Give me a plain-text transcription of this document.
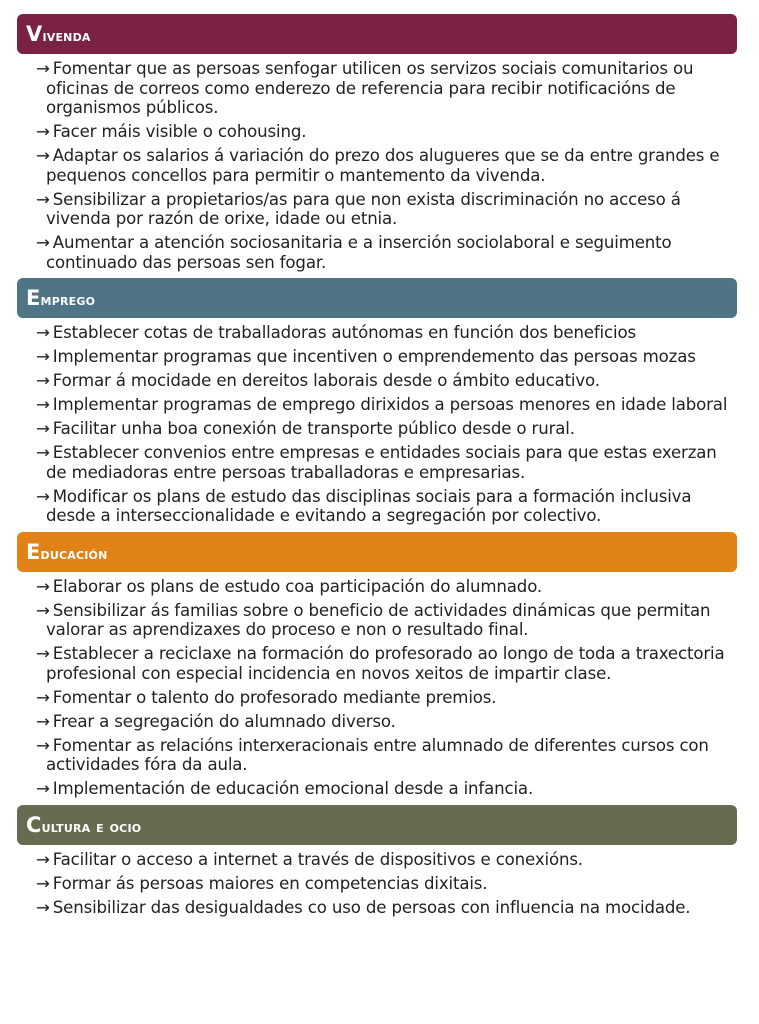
Vivenda
→ Fomentar que as persoas senfogar utilicen os servizos sociais comunitarios ou oficinas de correos como enderezo de referencia para recibir notificacións de organismos públicos.
→ Facer máis visible o cohousing.
→ Adaptar os salarios á variación do prezo dos alugueres que se da entre grandes e pequenos concellos para permitir o mantemento da vivenda.
→ Sensibilizar a propietarios/as para que non exista discriminación no acceso á vivenda por razón de orixe, idade ou etnia.
→ Aumentar a atención sociosanitaria e a inserción sociolaboral e seguimento continuado das persoas sen fogar.
Emprego
→ Establecer cotas de traballadoras autónomas en función dos beneficios
→ Implementar programas que incentiven o emprendemento das persoas mozas
→ Formar á mocidade en dereitos laborais desde o ámbito educativo.
→ Implementar programas de emprego dirixidos a persoas menores en idade laboral
→ Facilitar unha boa conexión de transporte público desde o rural.
→ Establecer convenios entre empresas e entidades sociais para que estas exerzan de mediadoras entre persoas traballadoras e empresarias.
→ Modificar os plans de estudo das disciplinas sociais para a formación inclusiva desde a interseccionalidade e evitando a segregación por colectivo.
Educación
→ Elaborar os plans de estudo coa participación do alumnado.
→ Sensibilizar ás familias sobre o beneficio de actividades dinámicas que permitan valorar as aprendizaxes do proceso e non o resultado final.
→ Establecer a reciclaxe na formación do profesorado ao longo de toda a traxectoria profesional con especial incidencia en novos xeitos de impartir clase.
→ Fomentar o talento do profesorado mediante premios.
→ Frear a segregación do alumnado diverso.
→ Fomentar as relacións interxeracionais entre alumnado de diferentes cursos con actividades fóra da aula.
→ Implementación de educación emocional desde a infancia.
Cultura e ocio
→ Facilitar o acceso a internet a través de dispositivos e conexións.
→ Formar ás persoas maiores en competencias dixitais.
→ Sensibilizar das desigualdades co uso de persoas con influencia na mocidade.
